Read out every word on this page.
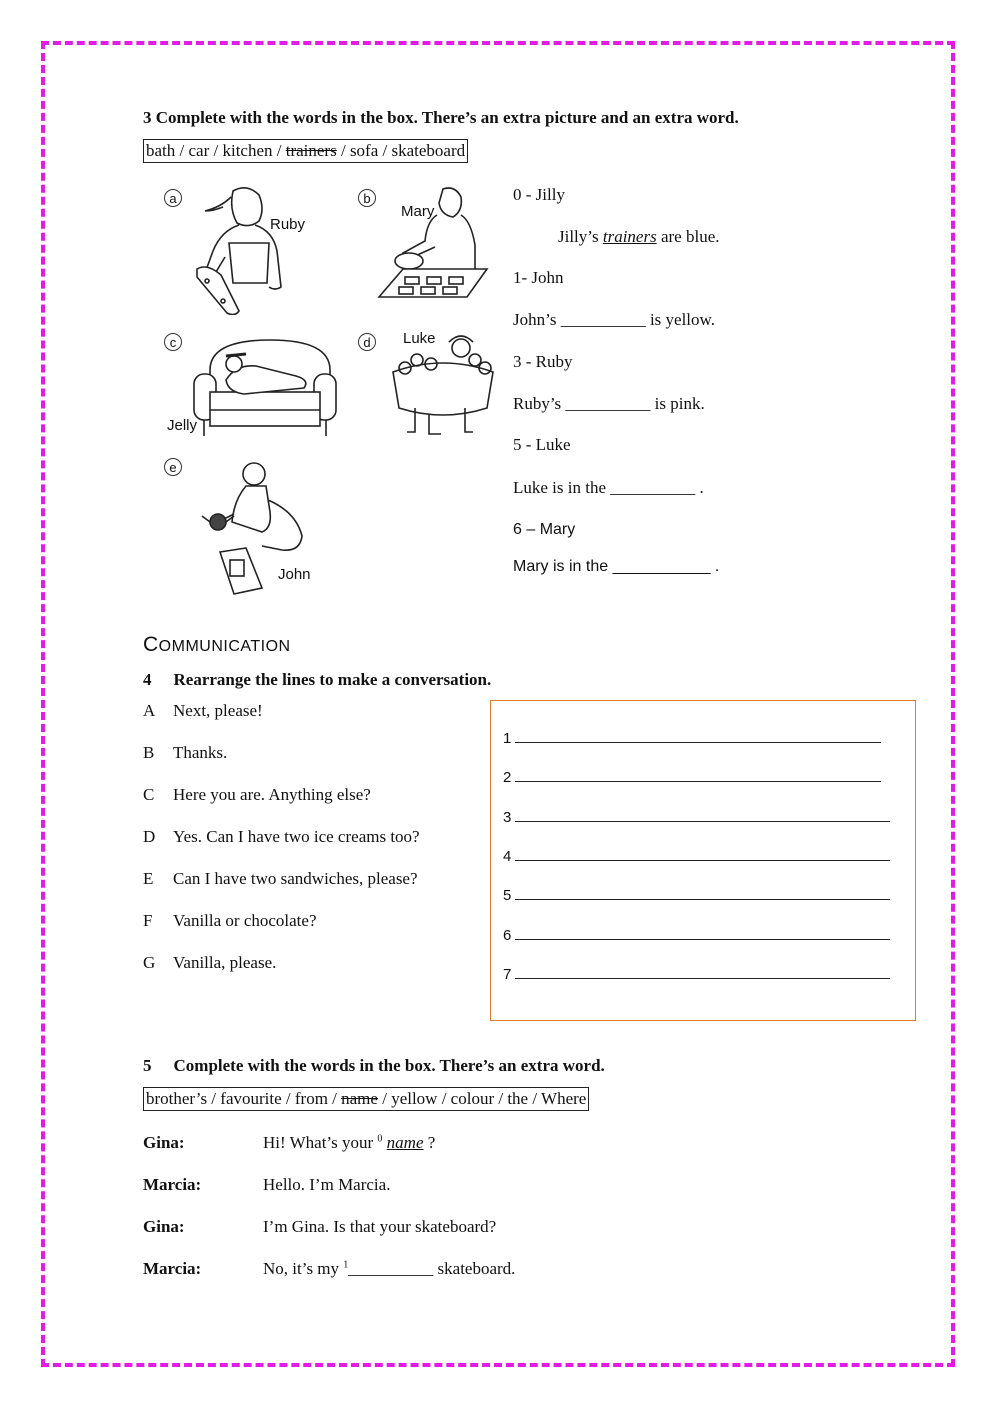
3 Complete with the words in the box. There’s an extra picture and an extra word.
bath / car / kitchen / trainers / sofa / skateboard
a
Ruby
b
Mary
c
Jelly
d	Luke
e
John
0 - Jilly
Jilly’s trainers are blue.
1- John
John’s __________ is yellow.
3 - Ruby
Ruby’s __________ is pink.
5 - Luke
Luke is in the __________ .
6 – Mary
Mary is in the ___________ .
COMMUNICATION
4 Rearrange the lines to make a conversation.
A Next, please!
B Thanks.
C Here you are. Anything else?
D Yes. Can I have two ice creams too?
E Can I have two sandwiches, please?
F Vanilla or chocolate?
G Vanilla, please.
1
2
3
4
5
6
7
5 Complete with the words in the box. There’s an extra word.
brother’s / favourite / from / name / yellow / colour / the / Where
Gina:	Hi! What’s your $^0$ name ?
Marcia:	Hello. I’m Marcia.
Gina:	I’m Gina. Is that your skateboard?
Marcia:	No, it’s my $^1$__________ skateboard.
